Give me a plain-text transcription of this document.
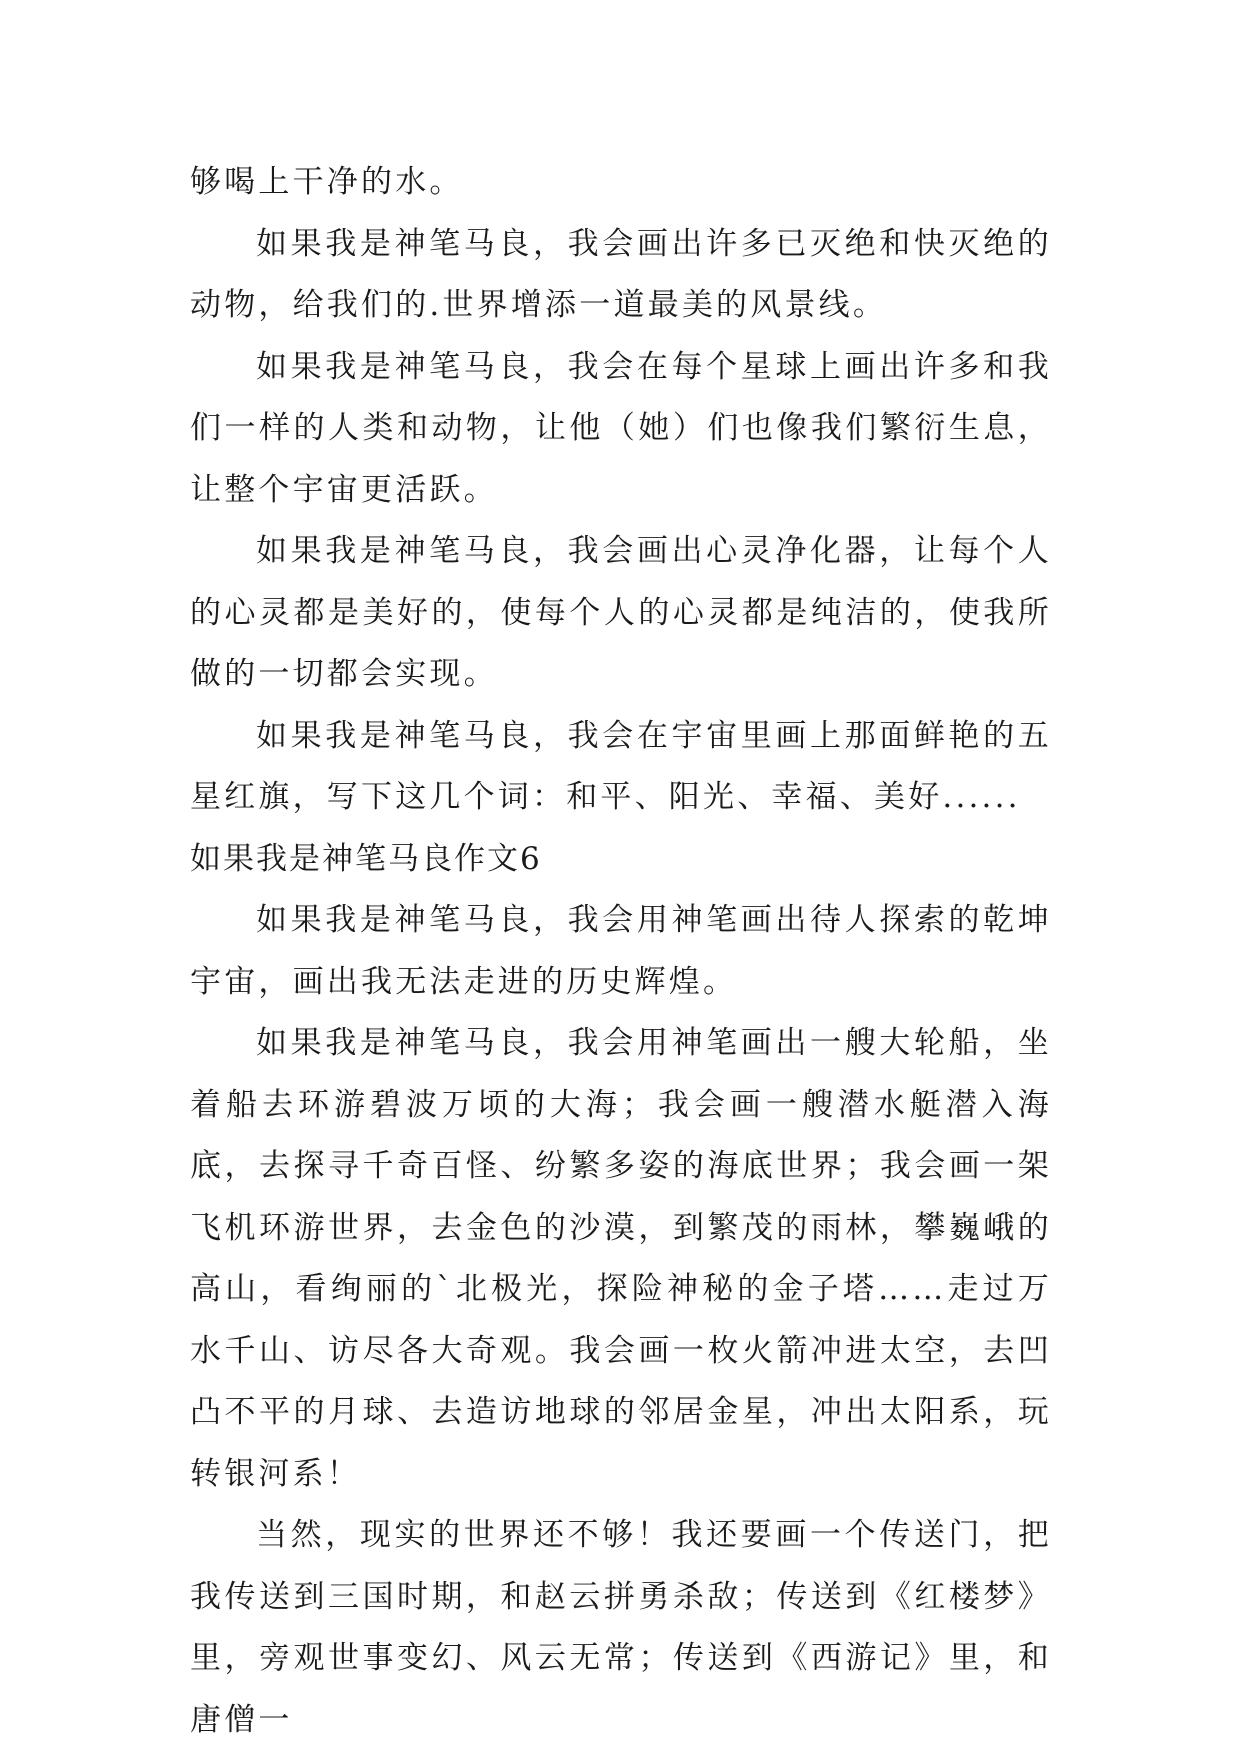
够喝上干净的水。

如果我是神笔马良，我会画出许多已灭绝和快灭绝的动物，给我们的.世界增添一道最美的风景线。

如果我是神笔马良，我会在每个星球上画出许多和我们一样的人类和动物，让他（她）们也像我们繁衍生息，让整个宇宙更活跃。

如果我是神笔马良，我会画出心灵净化器，让每个人的心灵都是美好的，使每个人的心灵都是纯洁的，使我所做的一切都会实现。

如果我是神笔马良，我会在宇宙里画上那面鲜艳的五星红旗，写下这几个词：和平、阳光、幸福、美好......

如果我是神笔马良作文6

如果我是神笔马良，我会用神笔画出待人探索的乾坤宇宙，画出我无法走进的历史辉煌。

如果我是神笔马良，我会用神笔画出一艘大轮船，坐着船去环游碧波万顷的大海；我会画一艘潜水艇潜入海底，去探寻千奇百怪、纷繁多姿的海底世界；我会画一架飞机环游世界，去金色的沙漠，到繁茂的雨林，攀巍峨的高山，看绚丽的`北极光，探险神秘的金子塔……走过万水千山、访尽各大奇观。我会画一枚火箭冲进太空，去凹凸不平的月球、去造访地球的邻居金星，冲出太阳系，玩转银河系！

当然，现实的世界还不够！我还要画一个传送门，把我传送到三国时期，和赵云拼勇杀敌；传送到《红楼梦》里，旁观世事变幻、风云无常；传送到《西游记》里，和唐僧一
